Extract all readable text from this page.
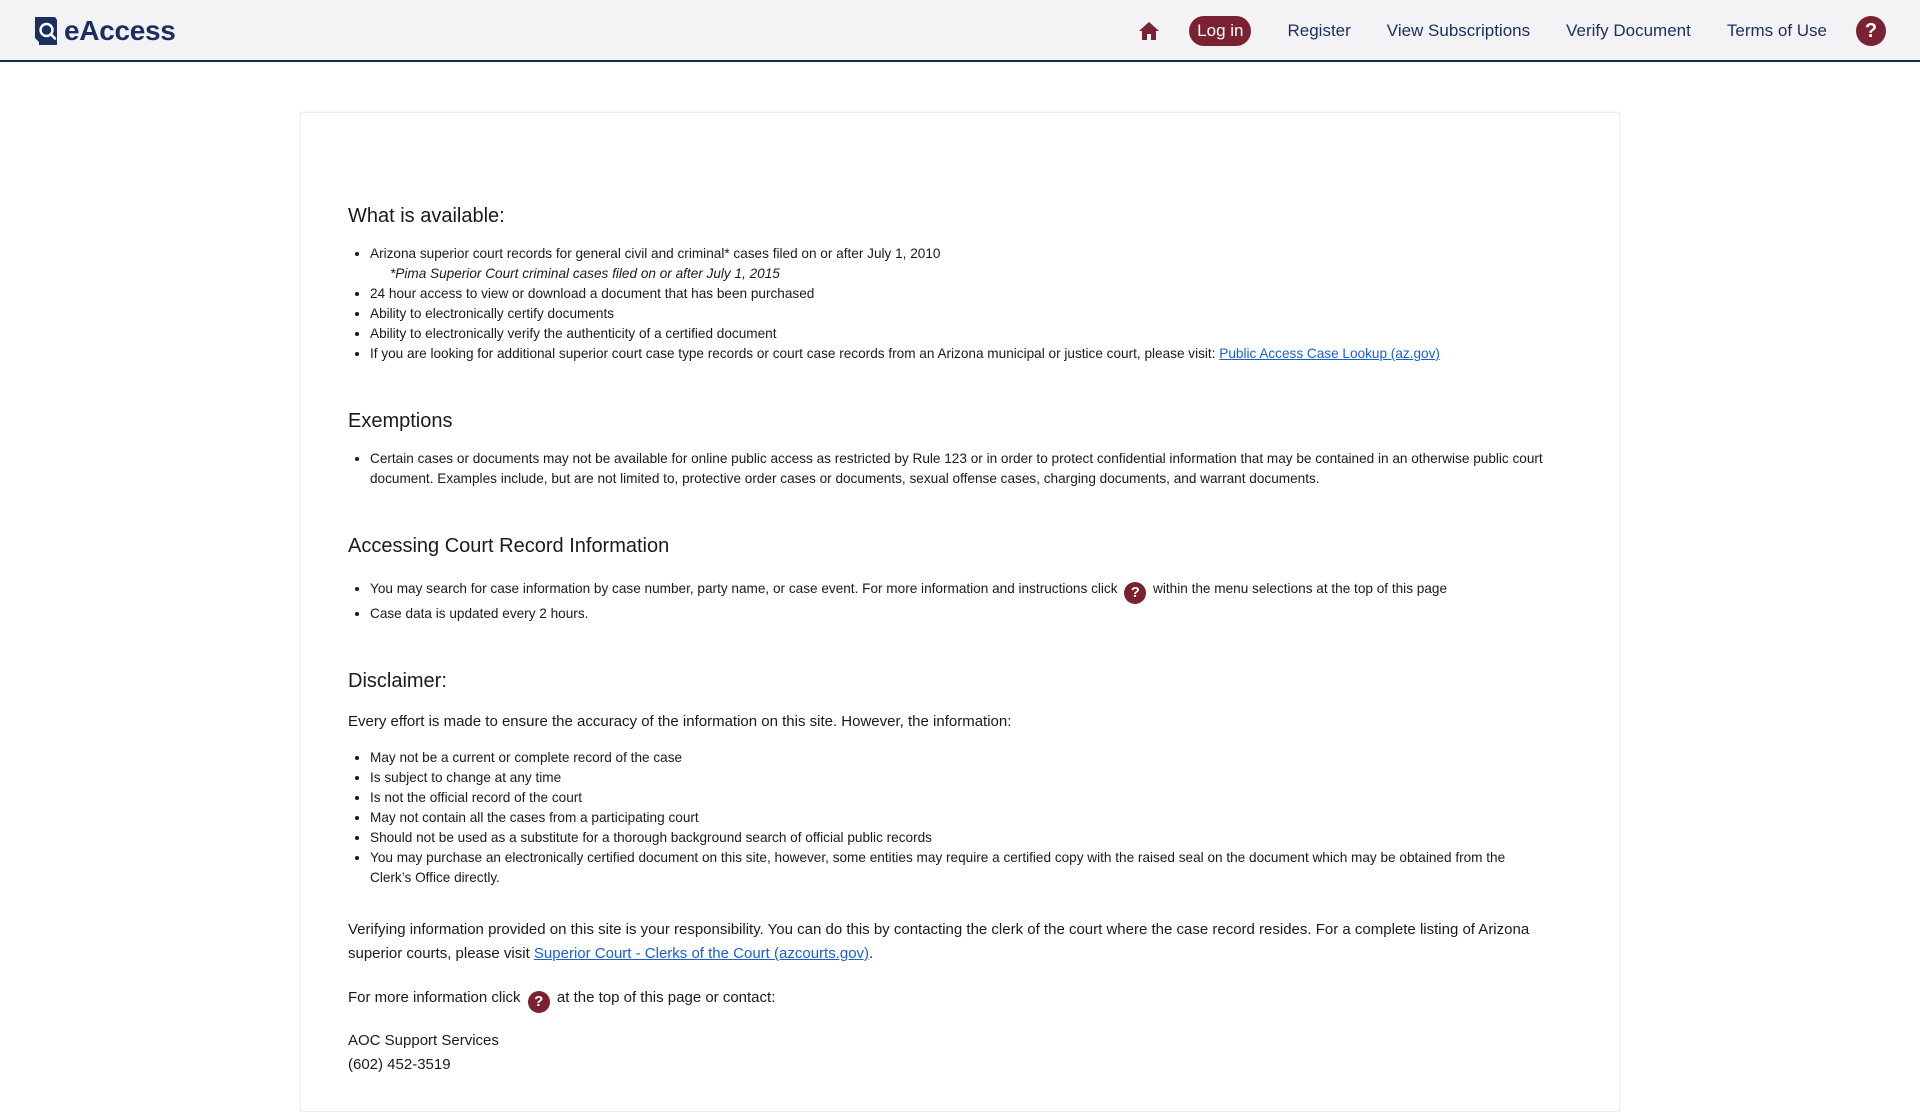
eAccess	Log in	Register View Subscriptions Verify Document Terms of Use	?
What is available:
• Arizona superior court records for general civil and criminal* cases filed on or after July 1, 2010
*Pima Superior Court criminal cases filed on or after July 1, 2015
• 24 hour access to view or download a document that has been purchased
• Ability to electronically certify documents
• Ability to electronically verify the authenticity of a certified document
• If you are looking for additional superior court case type records or court case records from an Arizona municipal or justice court, please visit: Public Access Case Lookup (az.gov)
Exemptions
• Certain cases or documents may not be available for online public access as restricted by Rule 123 or in order to protect confidential information that may be contained in an otherwise public court document. Examples include, but are not limited to, protective order cases or documents, sexual offense cases, charging documents, and warrant documents.
Accessing Court Record Information
• You may search for case information by case number, party name, or case event. For more information and instructions click ? within the menu selections at the top of this page
• Case data is updated every 2 hours.
Disclaimer:

Every effort is made to ensure the accuracy of the information on this site. However, the information:

• May not be a current or complete record of the case
• Is subject to change at any time
• Is not the official record of the court
• May not contain all the cases from a participating court
• Should not be used as a substitute for a thorough background search of official public records
• You may purchase an electronically certified document on this site, however, some entities may require a certified copy with the raised seal on the document which may be obtained from the Clerk’s Office directly.

Verifying information provided on this site is your responsibility. You can do this by contacting the clerk of the court where the case record resides. For a complete listing of Arizona superior courts, please visit Superior Court - Clerks of the Court (azcourts.gov).

For more information click ? at the top of this page or contact:

AOC Support Services

(602) 452-3519
